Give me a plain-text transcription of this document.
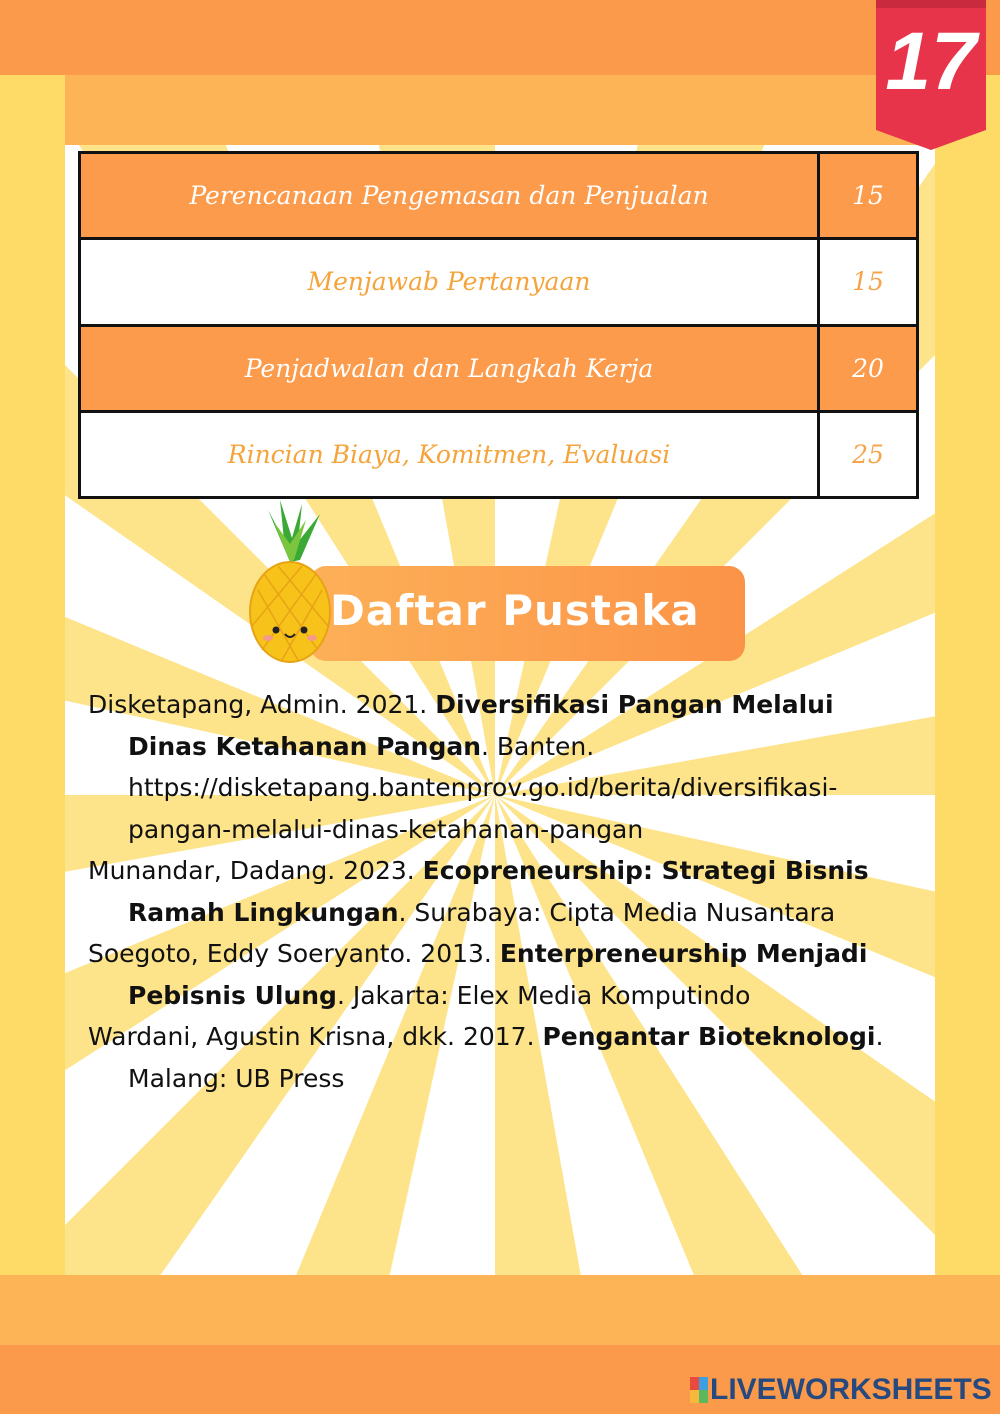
17
Perencanaan Pengemasan dan Penjualan	15
Menjawab Pertanyaan	15
Penjadwalan dan Langkah Kerja	20
Rincian Biaya, Komitmen, Evaluasi	25
Daftar Pustaka

Disketapang, Admin. 2021. Diversifikasi Pangan Melalui Dinas Ketahanan Pangan. Banten. https://disketapang.bantenprov.go.id/berita/diversifikasi-pangan-melalui-dinas-ketahanan-pangan

Munandar, Dadang. 2023. Ecopreneurship: Strategi Bisnis Ramah Lingkungan. Surabaya: Cipta Media Nusantara

Soegoto, Eddy Soeryanto. 2013. Enterpreneurship Menjadi Pebisnis Ulung. Jakarta: Elex Media Komputindo

Wardani, Agustin Krisna, dkk. 2017. Pengantar Bioteknologi. Malang: UB Press

LIVEWORKSHEETS
